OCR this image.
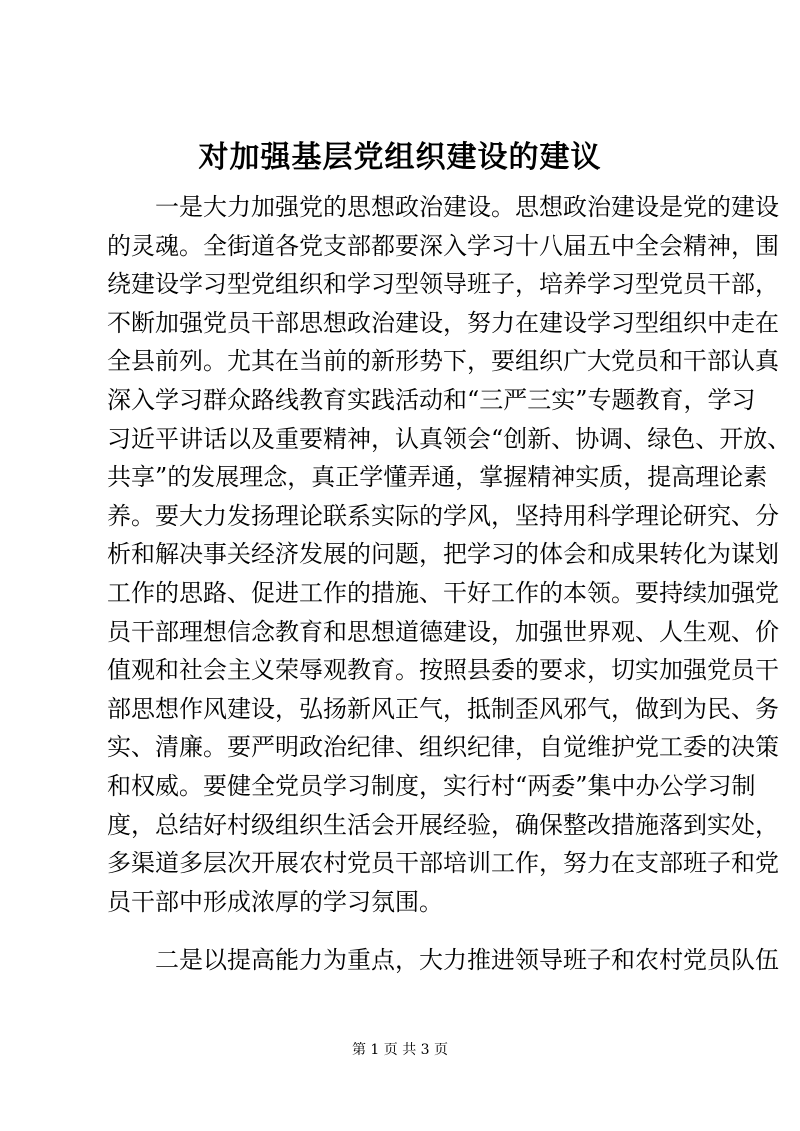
对加强基层党组织建设的建议
　　一是大力加强党的思想政治建设。思想政治建设是党的建设
的灵魂。全街道各党支部都要深入学习十八届五中全会精神，围
绕建设学习型党组织和学习型领导班子，培养学习型党员干部，
不断加强党员干部思想政治建设，努力在建设学习型组织中走在
全县前列。尤其在当前的新形势下，要组织广大党员和干部认真
深入学习群众路线教育实践活动和“三严三实”专题教育，学习
习近平讲话以及重要精神，认真领会“创新、协调、绿色、开放、
共享”的发展理念，真正学懂弄通，掌握精神实质，提高理论素
养。要大力发扬理论联系实际的学风，坚持用科学理论研究、分
析和解决事关经济发展的问题，把学习的体会和成果转化为谋划
工作的思路、促进工作的措施、干好工作的本领。要持续加强党
员干部理想信念教育和思想道德建设，加强世界观、人生观、价
值观和社会主义荣辱观教育。按照县委的要求，切实加强党员干
部思想作风建设，弘扬新风正气，抵制歪风邪气，做到为民、务
实、清廉。要严明政治纪律、组织纪律，自觉维护党工委的决策
和权威。要健全党员学习制度，实行村“两委”集中办公学习制
度，总结好村级组织生活会开展经验，确保整改措施落到实处，
多渠道多层次开展农村党员干部培训工作，努力在支部班子和党
员干部中形成浓厚的学习氛围。
　　二是以提高能力为重点，大力推进领导班子和农村党员队伍
第 1 页 共 3 页
